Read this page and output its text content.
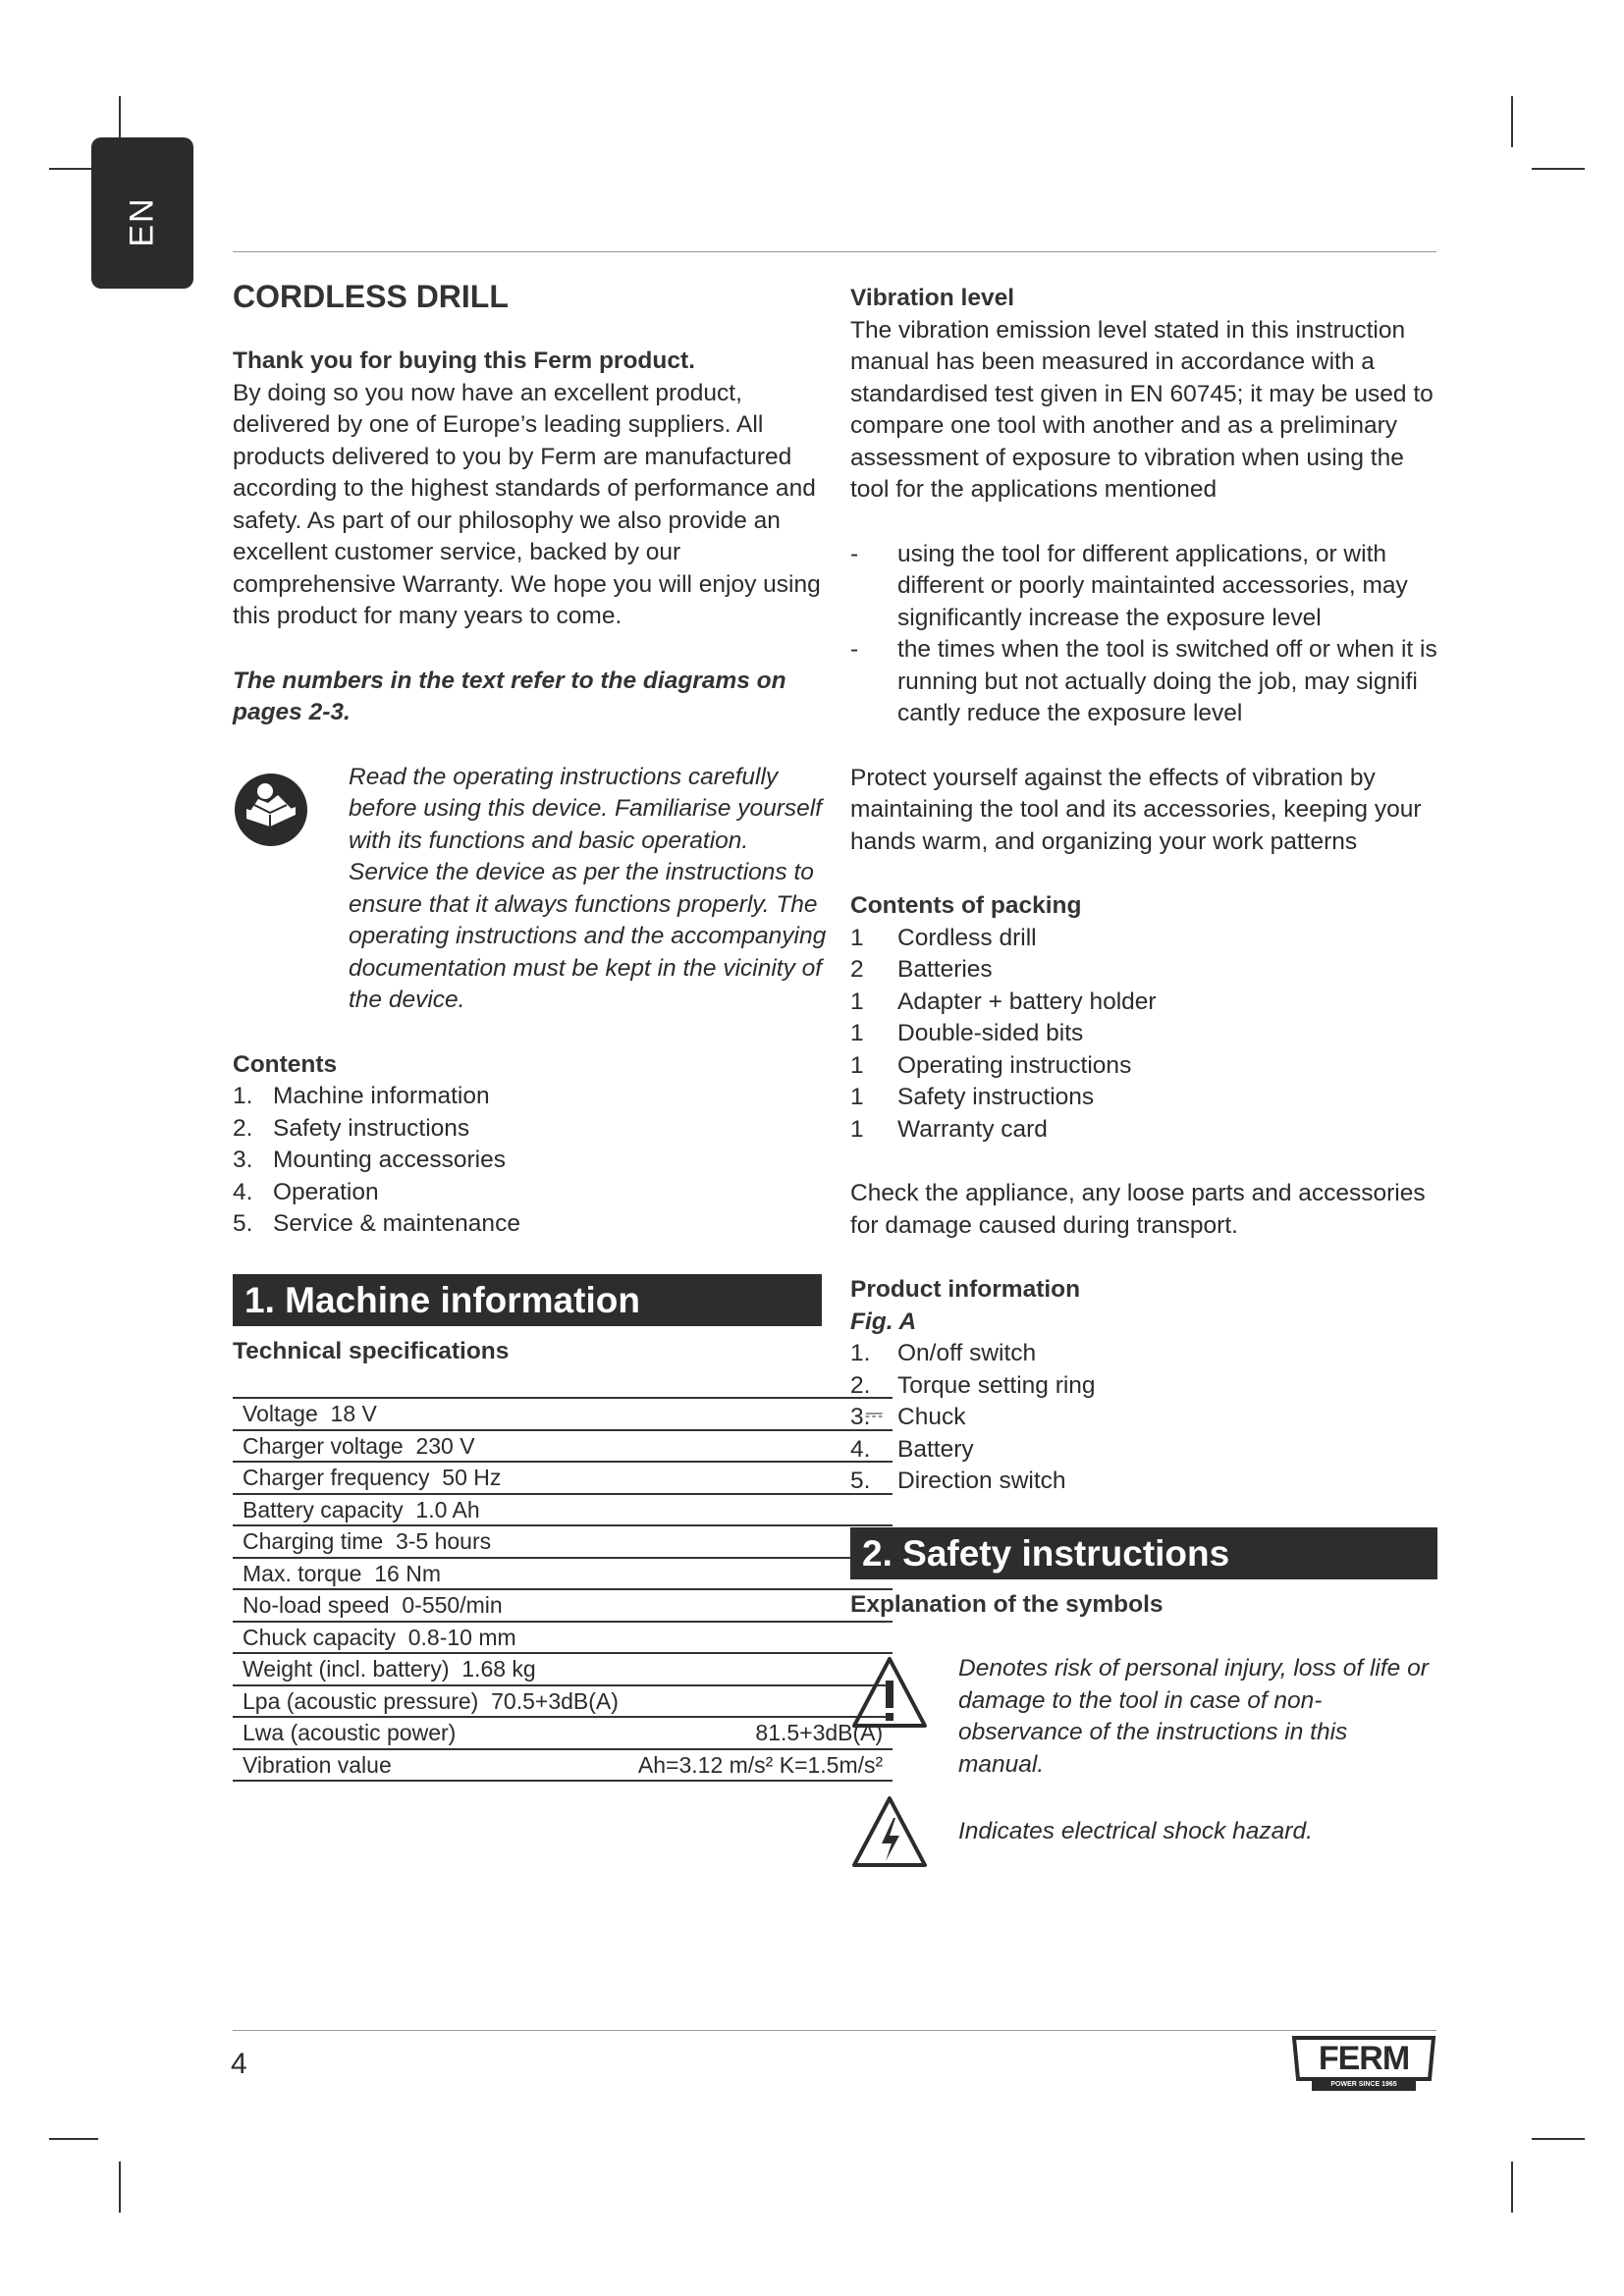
EN

CORDLESS DRILL

Thank you for buying this Ferm product.

By doing so you now have an excellent product, delivered by one of Europe’s leading suppliers. All products delivered to you by Ferm are manufactured according to the highest standards of performance and safety. As part of our philosophy we also provide an excellent customer service, backed by our comprehensive Warranty. We hope you will enjoy using this product for many years to come.

The numbers in the text refer to the diagrams on pages 2-3.

Read the operating instructions carefully before using this device. Familiarise yourself with its functions and basic operation. Service the device as per the instructions to ensure that it always functions properly. The operating instructions and the accompanying documentation must be kept in the vicinity of the device.

Contents

1. Machine information
2. Safety instructions
3. Mounting accessories
4. Operation
5. Service & maintenance
1. Machine information

Technical specifications

Voltage 18 V	⎓
Charger voltage 230 V	
Charger frequency 50 Hz	
Battery capacity 1.0 Ah	
Charging time 3-5 hours	
Max. torque 16 Nm	
No-load speed 0-550/min	
Chuck capacity 0.8-10 mm	
Weight (incl. battery) 1.68 kg	
Lpa (acoustic pressure) 70.5+3dB(A)	
Lwa (acoustic power)	81.5+3dB(A)
Vibration value	Ah=3.12 m/s² K=1.5m/s²

Vibration level

The vibration emission level stated in this instruction manual has been measured in accordance with a standardised test given in EN 60745; it may be used to compare one tool with another and as a preliminary assessment of exposure to vibration when using the tool for the applications mentioned

-	using the tool for different applications, or with different or poorly maintainted accessories, may significantly increase the exposure level
-	the times when the tool is switched off or when it is running but not actually doing the job, may signifi cantly reduce the exposure level

Protect yourself against the effects of vibration by maintaining the tool and its accessories, keeping your hands warm, and organizing your work patterns

Contents of packing

1	Cordless drill
2	Batteries
1	Adapter + battery holder
1	Double-sided bits
1	Operating instructions
1	Safety instructions
1	Warranty card

Check the appliance, any loose parts and accessories for damage caused during transport.

Product information

Fig. A

1.	On/off switch
2.	Torque setting ring
3.	Chuck
4.	Battery
5.	Direction switch
2. Safety instructions

Explanation of the symbols

Denotes risk of personal injury, loss of life or damage to the tool in case of non-observance of the instructions in this manual.

Indicates electrical shock hazard.

4	FERM
POWER SINCE 1965
